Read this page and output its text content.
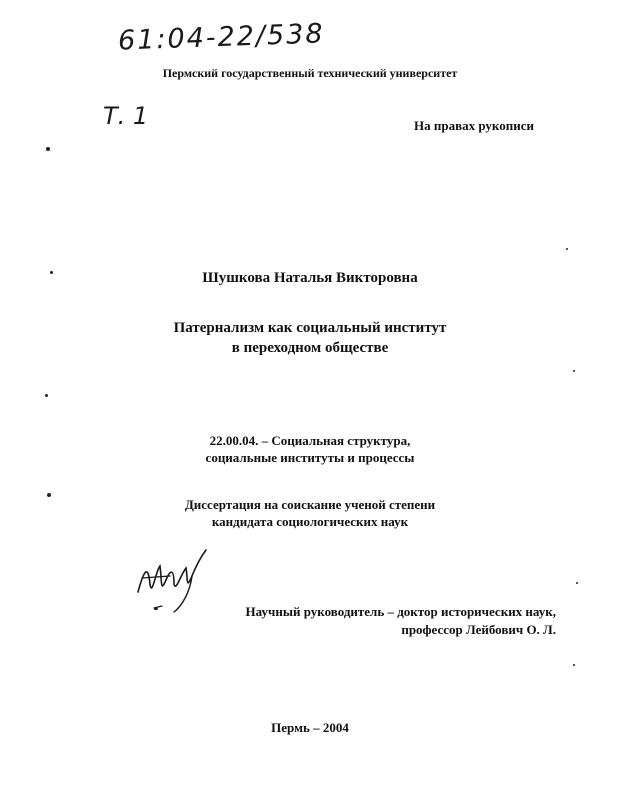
61:04-22/538
Пермский государственный технический университет
Т. 1	На правах рукописи
Шушкова Наталья Викторовна
Патернализм как социальный институт
в переходном обществе
22.00.04. – Социальная структура,
социальные институты и процессы
Диссертация на соискание ученой степени
кандидата социологических наук
Научный руководитель – доктор исторических наук,
профессор Лейбович О. Л.
Пермь – 2004
